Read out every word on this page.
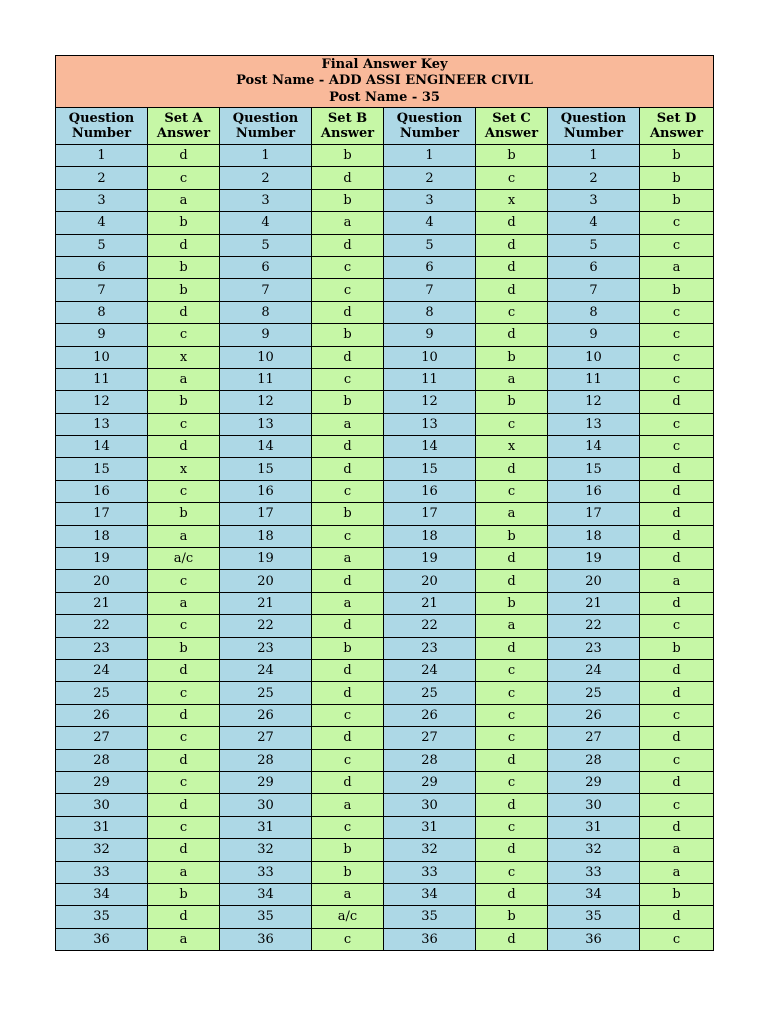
Final Answer Key
Post Name - ADD ASSI ENGINEER CIVIL
Post Name - 35							

Question Number	Set A Answer	Question Number	Set B Answer	Question Number	Set C Answer	Question Number	Set D Answer
1	d	1	b	1	b	1	b
2	c	2	d	2	c	2	b
3	a	3	b	3	x	3	b
4	b	4	a	4	d	4	c
5	d	5	d	5	d	5	c
6	b	6	c	6	d	6	a
7	b	7	c	7	d	7	b
8	d	8	d	8	c	8	c
9	c	9	b	9	d	9	c
10	x	10	d	10	b	10	c
11	a	11	c	11	a	11	c
12	b	12	b	12	b	12	d
13	c	13	a	13	c	13	c
14	d	14	d	14	x	14	c
15	x	15	d	15	d	15	d
16	c	16	c	16	c	16	d
17	b	17	b	17	a	17	d
18	a	18	c	18	b	18	d
19	a/c	19	a	19	d	19	d
20	c	20	d	20	d	20	a
21	a	21	a	21	b	21	d
22	c	22	d	22	a	22	c
23	b	23	b	23	d	23	b
24	d	24	d	24	c	24	d
25	c	25	d	25	c	25	d
26	d	26	c	26	c	26	c
27	c	27	d	27	c	27	d
28	d	28	c	28	d	28	c
29	c	29	d	29	c	29	d
30	d	30	a	30	d	30	c
31	c	31	c	31	c	31	d
32	d	32	b	32	d	32	a
33	a	33	b	33	c	33	a
34	b	34	a	34	d	34	b
35	d	35	a/c	35	b	35	d
36	a	36	c	36	d	36	c
